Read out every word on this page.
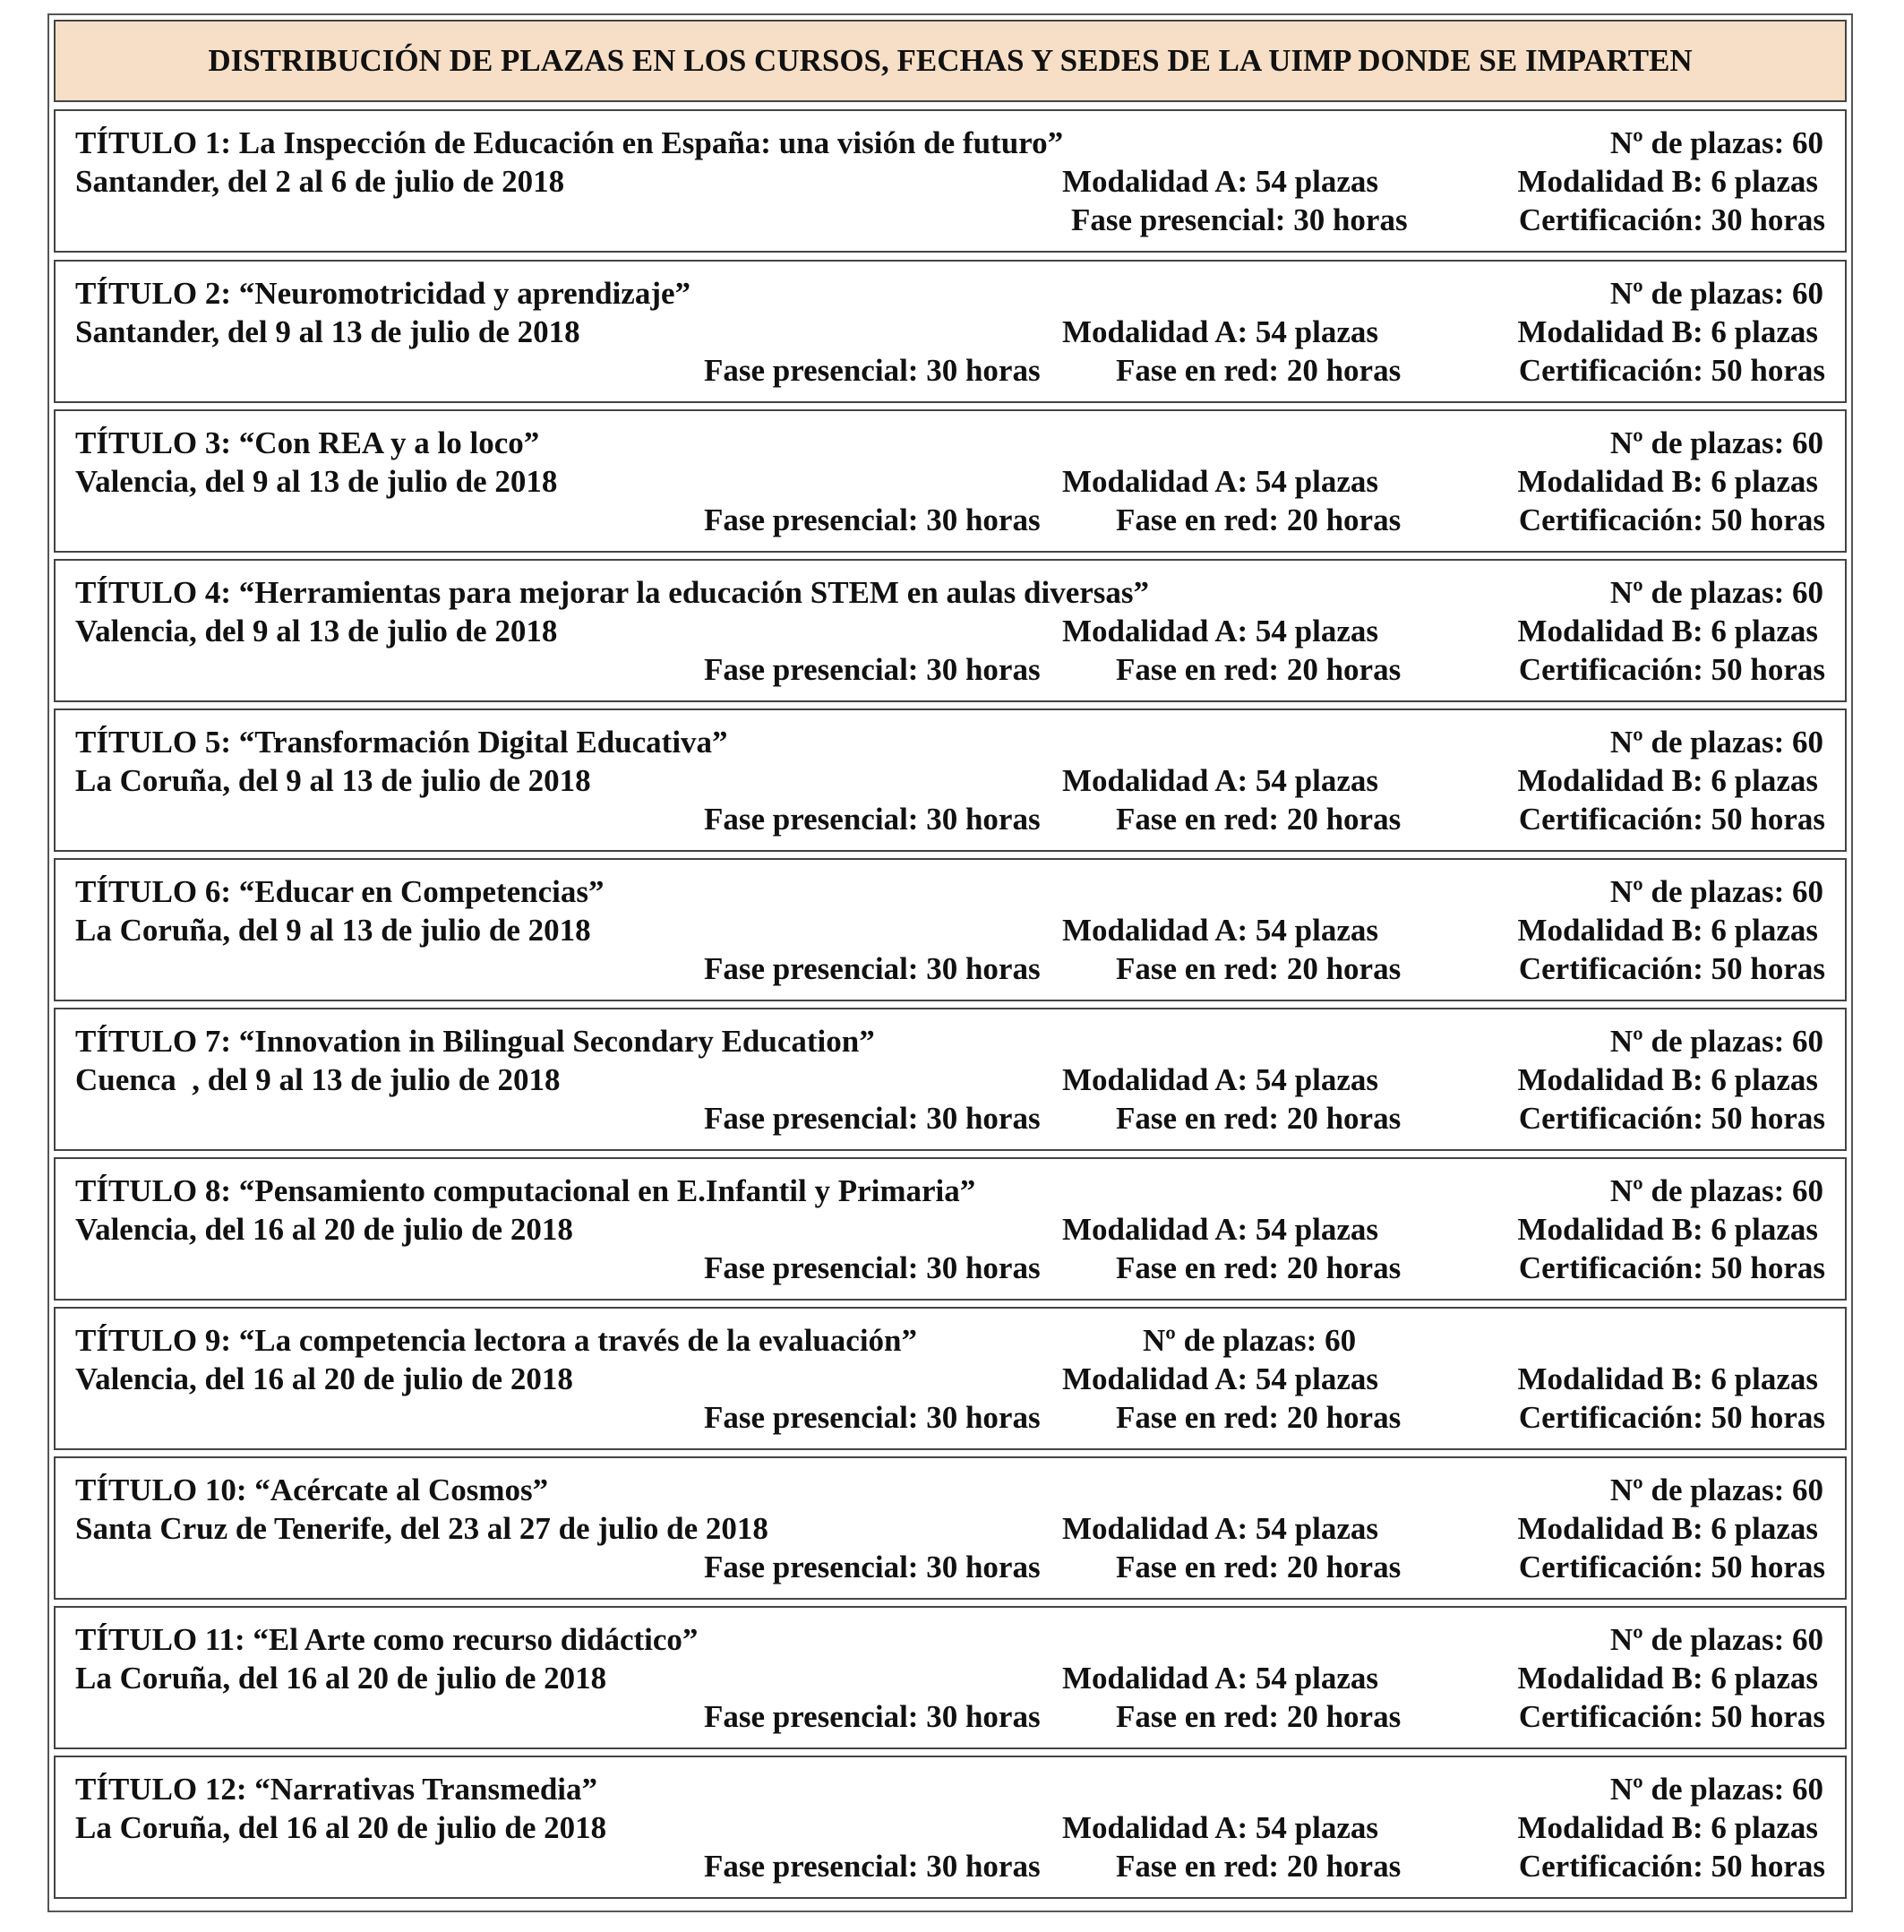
DISTRIBUCIÓN DE PLAZAS EN LOS CURSOS, FECHAS Y SEDES DE LA UIMP DONDE SE IMPARTEN
TÍTULO 1: La Inspección de Educación en España: una visión de futuro”	Nº de plazas: 60
Santander, del 2 al 6 de julio de 2018	Modalidad A: 54 plazas	Modalidad B: 6 plazas
Fase presencial: 30 horas	Certificación: 30 horas
TÍTULO 2: “Neuromotricidad y aprendizaje”	Nº de plazas: 60
Santander, del 9 al 13 de julio de 2018	Modalidad A: 54 plazas	Modalidad B: 6 plazas
Fase presencial: 30 horas Fase en red: 20 horas	Certificación: 50 horas
TÍTULO 3: “Con REA y a lo loco”	Nº de plazas: 60
Valencia, del 9 al 13 de julio de 2018	Modalidad A: 54 plazas	Modalidad B: 6 plazas
Fase presencial: 30 horas Fase en red: 20 horas	Certificación: 50 horas
TÍTULO 4: “Herramientas para mejorar la educación STEM en aulas diversas”	Nº de plazas: 60
Valencia, del 9 al 13 de julio de 2018	Modalidad A: 54 plazas	Modalidad B: 6 plazas
Fase presencial: 30 horas Fase en red: 20 horas	Certificación: 50 horas
TÍTULO 5: “Transformación Digital Educativa”	Nº de plazas: 60
La Coruña, del 9 al 13 de julio de 2018	Modalidad A: 54 plazas	Modalidad B: 6 plazas
Fase presencial: 30 horas Fase en red: 20 horas	Certificación: 50 horas
TÍTULO 6: “Educar en Competencias”	Nº de plazas: 60
La Coruña, del 9 al 13 de julio de 2018	Modalidad A: 54 plazas	Modalidad B: 6 plazas
Fase presencial: 30 horas Fase en red: 20 horas	Certificación: 50 horas
TÍTULO 7: “Innovation in Bilingual Secondary Education”	Nº de plazas: 60
Cuenca  , del 9 al 13 de julio de 2018	Modalidad A: 54 plazas	Modalidad B: 6 plazas
Fase presencial: 30 horas Fase en red: 20 horas	Certificación: 50 horas
TÍTULO 8: “Pensamiento computacional en E.Infantil y Primaria”	Nº de plazas: 60
Valencia, del 16 al 20 de julio de 2018	Modalidad A: 54 plazas	Modalidad B: 6 plazas
Fase presencial: 30 horas Fase en red: 20 horas	Certificación: 50 horas
TÍTULO 9: “La competencia lectora a través de la evaluación”	Nº de plazas: 60
Valencia, del 16 al 20 de julio de 2018	Modalidad A: 54 plazas	Modalidad B: 6 plazas
Fase presencial: 30 horas Fase en red: 20 horas	Certificación: 50 horas
TÍTULO 10: “Acércate al Cosmos”	Nº de plazas: 60
Santa Cruz de Tenerife, del 23 al 27 de julio de 2018	Modalidad A: 54 plazas	Modalidad B: 6 plazas
Fase presencial: 30 horas Fase en red: 20 horas	Certificación: 50 horas
TÍTULO 11: “El Arte como recurso didáctico”	Nº de plazas: 60
La Coruña, del 16 al 20 de julio de 2018	Modalidad A: 54 plazas	Modalidad B: 6 plazas
Fase presencial: 30 horas Fase en red: 20 horas	Certificación: 50 horas
TÍTULO 12: “Narrativas Transmedia”	Nº de plazas: 60
La Coruña, del 16 al 20 de julio de 2018	Modalidad A: 54 plazas	Modalidad B: 6 plazas
Fase presencial: 30 horas Fase en red: 20 horas	Certificación: 50 horas
